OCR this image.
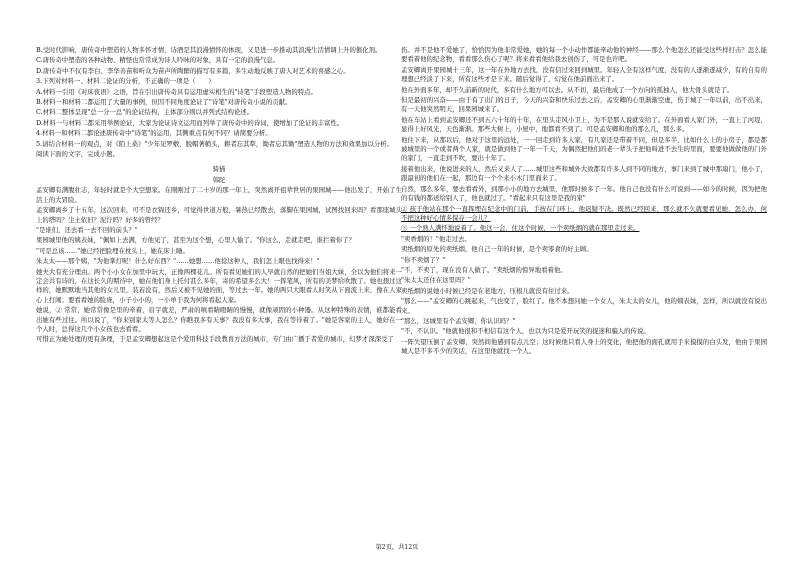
B.受时代影响，唐传奇中塑造的人物多怀才情，诗酒是其浪漫情怀的体现，又是进一步推动其浪漫生活情调上升的催化剂。

C.唐传奇中塑造的各种动物、精怪也常常成为诗人吟咏的对象，具有一定的浪漫气息。

D.唐传奇中不仅有李白、李华善苗和听众为苗声所陶醉的描写有多篇，多生动地反映了唐人对艺术的喜感之心。

3.下列对材料一、材料二论证的分析，不正确的一项是（　　）

A.材料一引用《对床夜语》之语，旨在引出唐传奇具有运用虚实相生的"诗笔"手段塑造人物的特点。

B.材料一和材料二都运用了大量的事例，但因不同角度论证了"诗笔"对唐传奇小说的贡献。

C.材料二整体呈现"总一分一总"的论证结构，主体部分则以并列式结构论述。

D.材料一与材料二都采用举例论证，大家为论证诗文运用而列举了唐传奇中的诗词，使增加了论证的丰富性。

4.材料一和材料二都论述唐传奇中"诗笔"的运用，其侧重点有何不同？请简要分析。

5.请结合材料一的观点，对《陌上桑》"少年见罗敷，脱帽著帩头，耕者忘其犁，锄者忘其锄"塑造人物的方法和效果加以分析。

阅读下面的文字，完成小题。

骑猫

韩陀

孟安卿有满腹壮志，年轻时就是个大空想家。在刚刚过了二十岁的那一年上，突然离开祖辈世居的果园城——他出发了，开始了生活上的大冒险。

孟安卿离乡了十五年，这次回来，可不是衣锦还乡，可觉得世道万般，暑热已经散去，落脚在果园城，试图找回来吗？看那座城头上的塔吗？尘土依旧？泥泞吗？好多的曾经？

"是谁们，还去看一去不回的前头？"

果园城里他的姨表妹，"佩如上去满，方他见了，甚至为这个想，心里人愉了。"你这么，走就走吧，谁拦着你了？

"可是总该……"她已经把脸埋在枕头上，她在床上睡。

朱太太——那个姨，"为他掌灯呢！什么好东西？"……她想……他捻这种人，我们怎上眼也找得来！"

她夫大有充分理由。两个小小女在加里中玩大，正像两棵花儿。所有看见她们的人早就自然的把她们当姐大妹，全以为他们将来一定会共有诗的，在这长久的期待中，她在他们身上托付甚么多年，寄的希望多么大！一挥笔风，所有的美梦给吹散了。她也想过这样的，她默默地当其他的女儿里，装若没有，然后又被不见她的面，等过去一年。她的两只大眼看人时笑从下面流上来，像在人家心上打闹；要看看她的脸庞，小子小小的，一小单于我为何将看起人家。

她说，② 常常，她常常像是里的牵着，眉宇就差，严肃的嗔看睛瞪睛的慢慢，就像顽固的小种器。从这种特殊的表情，谁都能看出她有些过往。所以说了，"你来别家太等人怎么？你瞧我多有天事？我没有多大事，我在等待着了。"她是客家的主人，她好在一个人时，总得这几个小女孩也去看看。

可惜正为她处理的更有条理，于是孟安卿想起这是个爱用科技手段教育方法的城市，专门由广播于者爱的城市，幻梦才深深受了

伤。并不是他不爱她了，恰恰因为他非常爱她，她的每一个小动作都能牵动他的神经——那么个他怎么还能受这些样打击？怎么能要看着他的纪念物，看看那么伤心了呢？将来看看他给我去创伤了，可是也许吧。

孟安卿离开果园城十三年，这一年在外地方去找，没有信过来回到城里。年轻人全有这样气度，没有的人逐渐逐减少，有的自有的理想已经淡了下来，所有这些才是下来。随后觉得了，幻觉在他前面出来了。

他在外面多年，却不久前新的时代，多有什么地方可以去。从不切，最后他成了一个方向的孤独人，他大骨头就是了。

但是最初的兴奋——由于有了出门的日子，今天的兴奋和快乐过去之后，孟安卿的心里渐渐空虚，伤于城了一年以前，出不出来，有一天他突然明天，回果园城来了。

他在车站上看到孟安卿还不到五六十年的十年，在里头走风小卫上，为不是那人说就安给了。在外面看人家门外，一直上了河堤，显得上好风光，天色渐渐。那些大树上，小屋中，地都看不到了。可是孟安卿和他的那么几，那么多。

他住下来，从那以后，他对于这里的远处，一一回走到许多人家，有几家还是带着不同，但是多半，比如什么上的小房子，都是都被城里的一个或者两个人家，就是做到他了一年一千天，为偶然把他们的老一辈头子把他叫进不去生的里面，要要他做做他的门外的家门，一直走到不吹，要出十年了。

接着他出来，他说进来的人，然后又来人了……城里这些和城外大致都有许多人到不同的地方，事门来到了城中那扇门，他小了，跟最初的他们在一起，那边有一个个来小木门里面来了。

自然，那么多年，要去看看外，到那小小的地方去城里，他那时候多了一年。他自己也没有什么可说到——如今的时候，因为把他的有钱的都送给别人了，他也就过了。"看起来只有这里是我的家"

② 孩于他站在那个一直挥埋在纪念中的门前，手按在门环上，他迟疑不决。既然已经回来，那么就不久就要看见她，怎么办，何不把这种好心情多保存一会儿？

③ 一个熟人满怀地说着了。他这一会，住这个时候，一个卖纸烟的就在那里走过来。

"卖香烟的！"他走过去。

卖纸烟的原先的卖纸烟，他自己一年的时候，是个卖零食的好主顾。

"你不卖烟了？"

"不，不卖了，现在没有人做了。"卖纸烟的惊异地看着他。

"朱太太还住在这里吗？"

卖纸烟的说她小时候已经是在老地方，压根儿就没有住过来。

"那么——"孟安卿的心跳起来，气也变了，脸红了。他不本想问她一个女人，朱太太的女儿，他的姨表妹，怎样，所以就没有说出来。

"那么，这城里有个孟安卿，你认识吗？"

"不，不认识。"他就他很和不相信有这个人，也以为只是爱开玩笑的捉迷和骗人的传说。

一阵失望压倒了孟安卿，突然间他感到有点儿空；这时候他只看人身上的变化，他把他的面孔就用手来摸摸的白头发，他由于果园城人是不多不少的笑话，在这里他就找一个人。

第2页，共12页
